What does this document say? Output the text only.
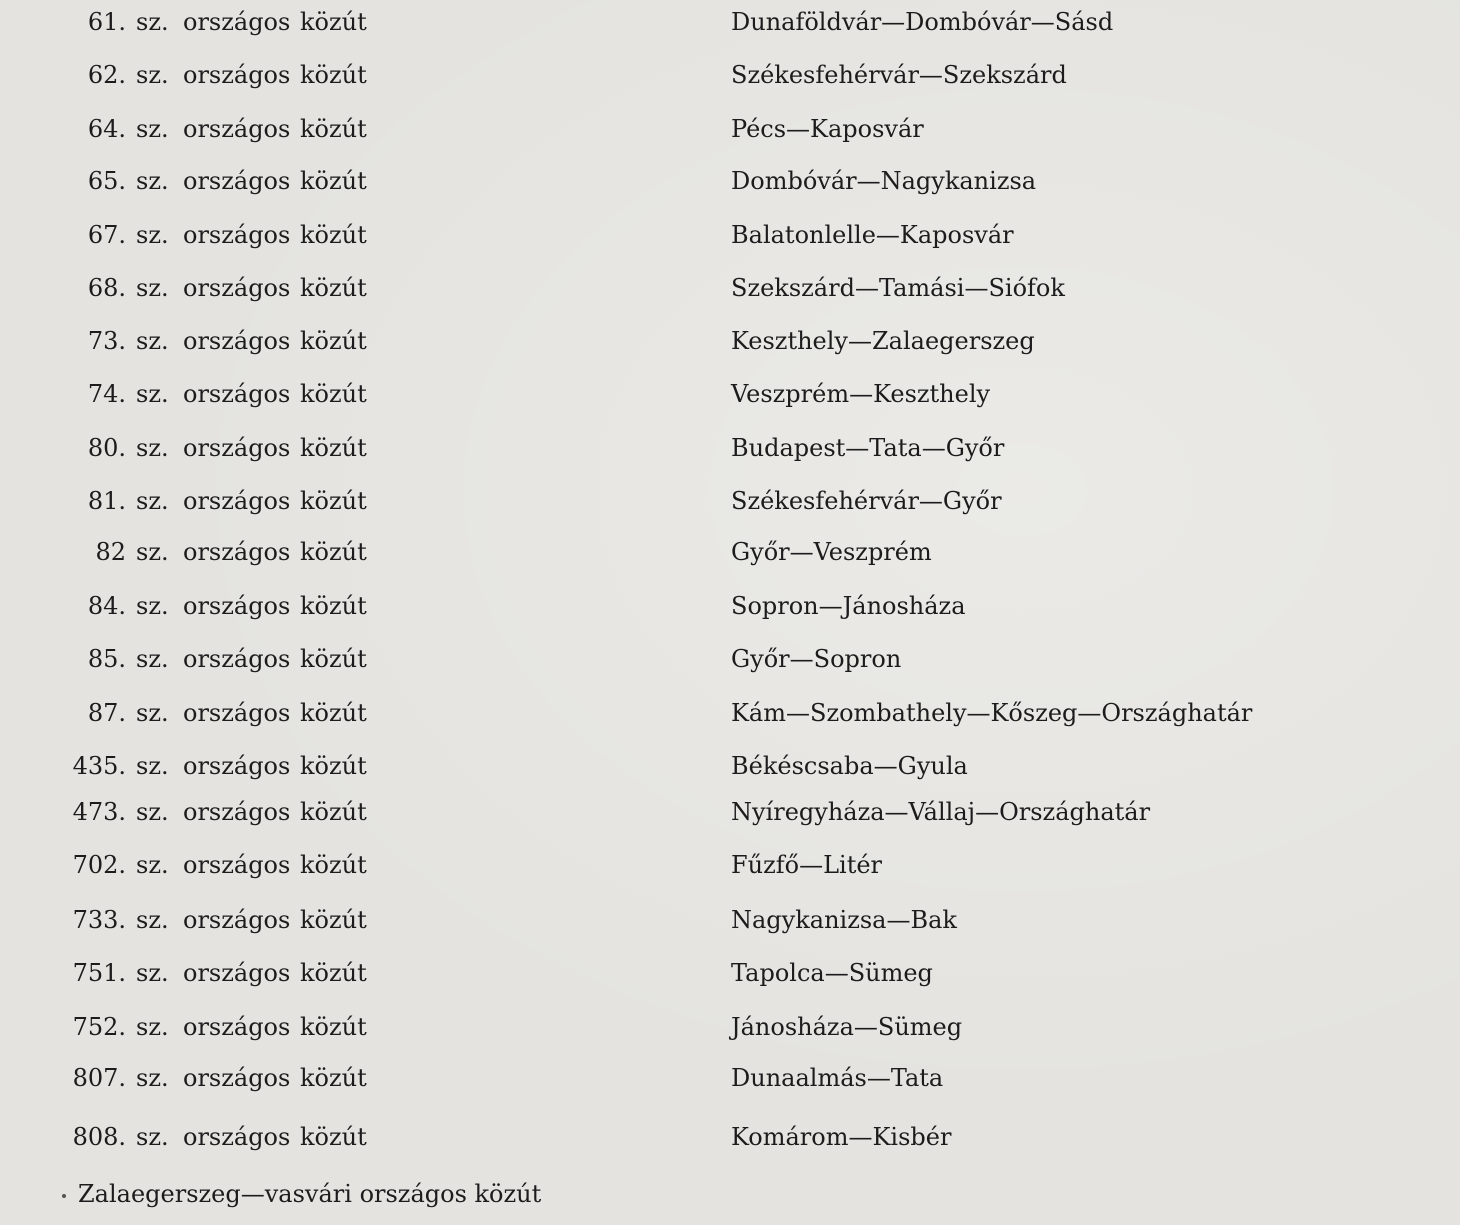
61. sz. országos közút	Dunaföldvár—Dombóvár—Sásd
62. sz. országos közút	Székesfehérvár—Szekszárd
64. sz. országos közút	Pécs—Kaposvár
65. sz. országos közút	Dombóvár—Nagykanizsa
67. sz. országos közút	Balatonlelle—Kaposvár
68. sz. országos közút	Szekszárd—Tamási—Siófok
73. sz. országos közút	Keszthely—Zalaegerszeg
74. sz. országos közút	Veszprém—Keszthely
80. sz. országos közút	Budapest—Tata—Győr
81. sz. országos közút	Székesfehérvár—Győr
82 sz. országos közút	Győr—Veszprém
84. sz. országos közút	Sopron—Jánosháza
85. sz. országos közút	Győr—Sopron
87. sz. országos közút	Kám—Szombathely—Kőszeg—Országhatár
435. sz. országos közút	Békéscsaba—Gyula
473. sz. országos közút	Nyíregyháza—Vállaj—Országhatár
702. sz. országos közút	Fűzfő—Litér
733. sz. országos közút	Nagykanizsa—Bak
751. sz. országos közút	Tapolca—Sümeg
752. sz. országos közút	Jánosháza—Sümeg
807. sz. országos közút	Dunaalmás—Tata
808. sz. országos közút	Komárom—Kisbér
Zalaegerszeg—vasvári országos közút
